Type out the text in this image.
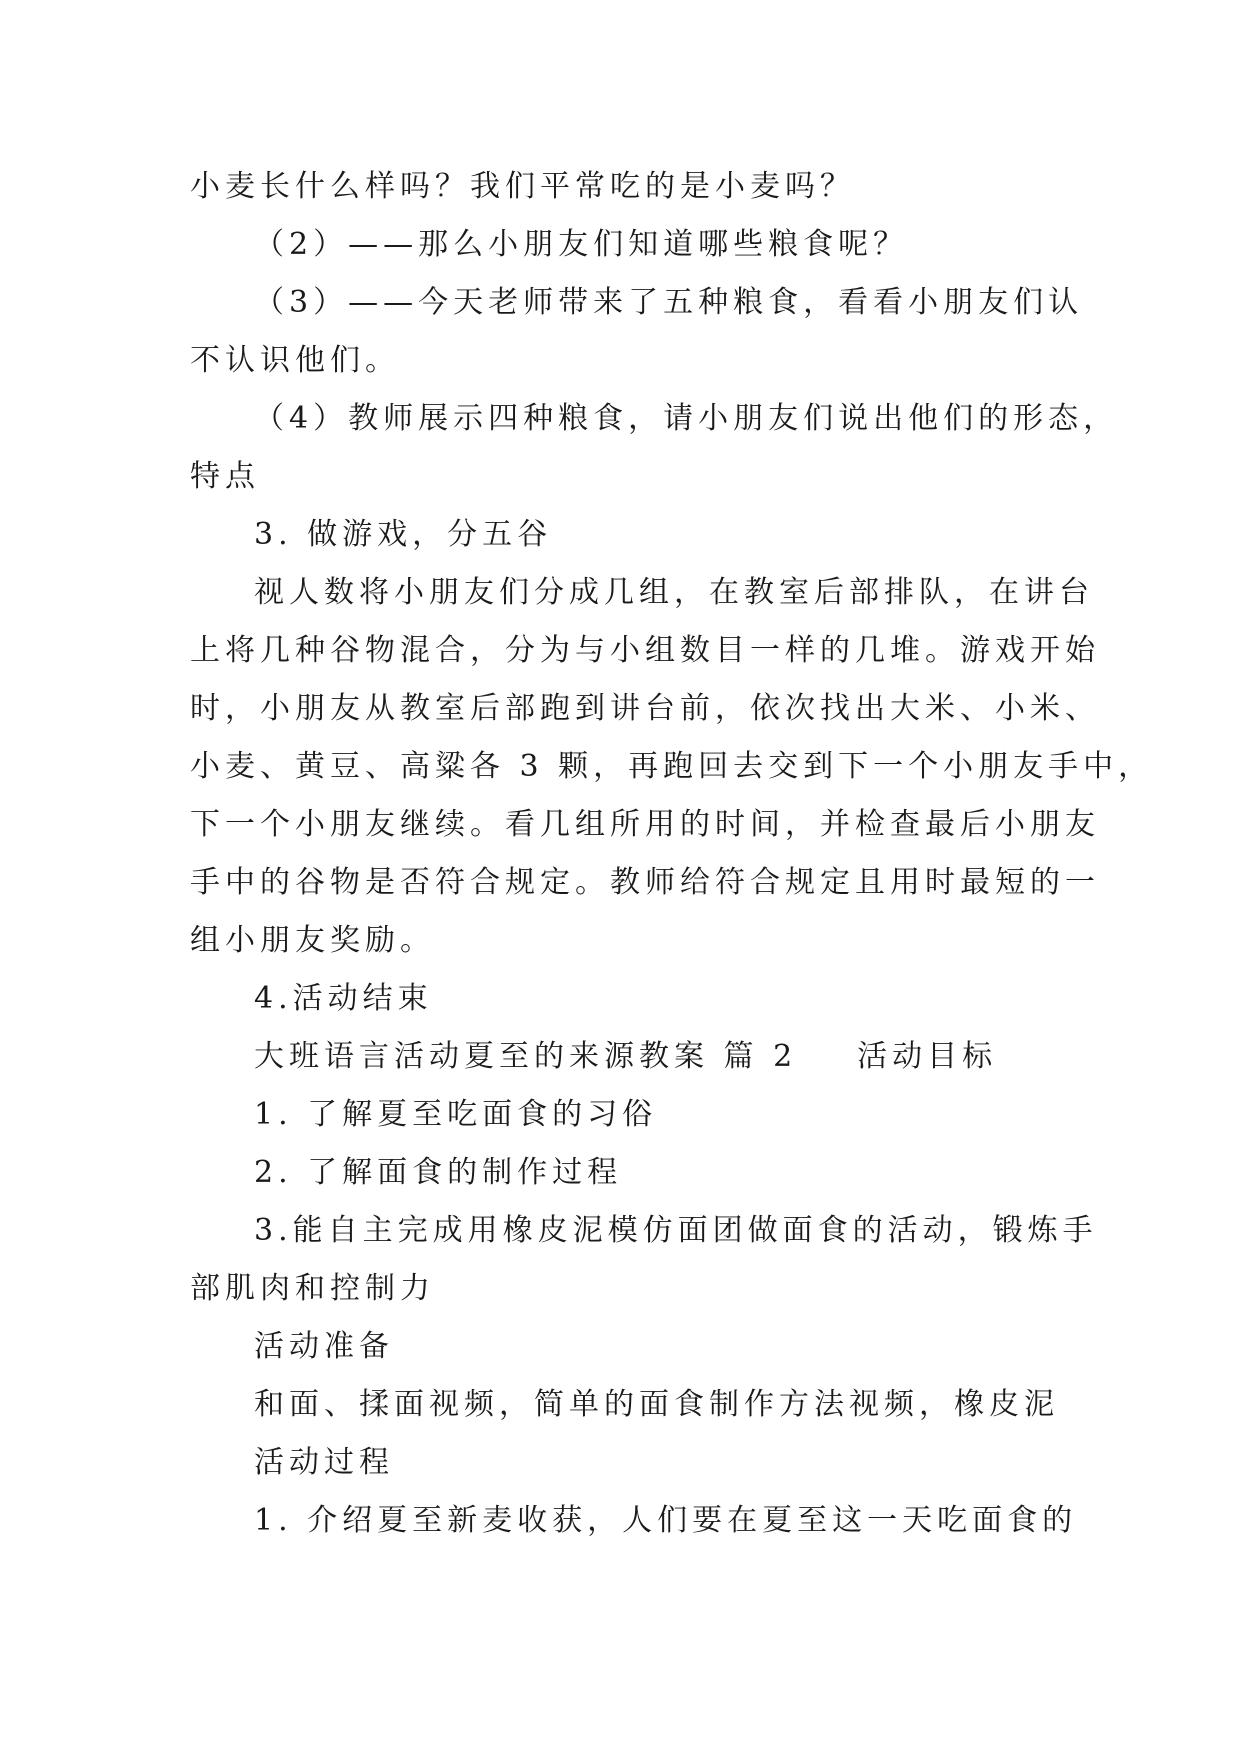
小麦长什么样吗？我们平常吃的是小麦吗？

（2）——那么小朋友们知道哪些粮食呢？

（3）——今天老师带来了五种粮食，看看小朋友们认

不认识他们。

（4）教师展示四种粮食，请小朋友们说出他们的形态，

特点

3. 做游戏，分五谷

视人数将小朋友们分成几组，在教室后部排队，在讲台

上将几种谷物混合，分为与小组数目一样的几堆。游戏开始

时，小朋友从教室后部跑到讲台前，依次找出大米、小米、

小麦、黄豆、高粱各 3 颗，再跑回去交到下一个小朋友手中，

下一个小朋友继续。看几组所用的时间，并检查最后小朋友

手中的谷物是否符合规定。教师给符合规定且用时最短的一

组小朋友奖励。

4.活动结束

大班语言活动夏至的来源教案 篇 2 活动目标

1. 了解夏至吃面食的习俗

2. 了解面食的制作过程

3.能自主完成用橡皮泥模仿面团做面食的活动，锻炼手

部肌肉和控制力

活动准备

和面、揉面视频，简单的面食制作方法视频，橡皮泥

活动过程

1. 介绍夏至新麦收获，人们要在夏至这一天吃面食的
